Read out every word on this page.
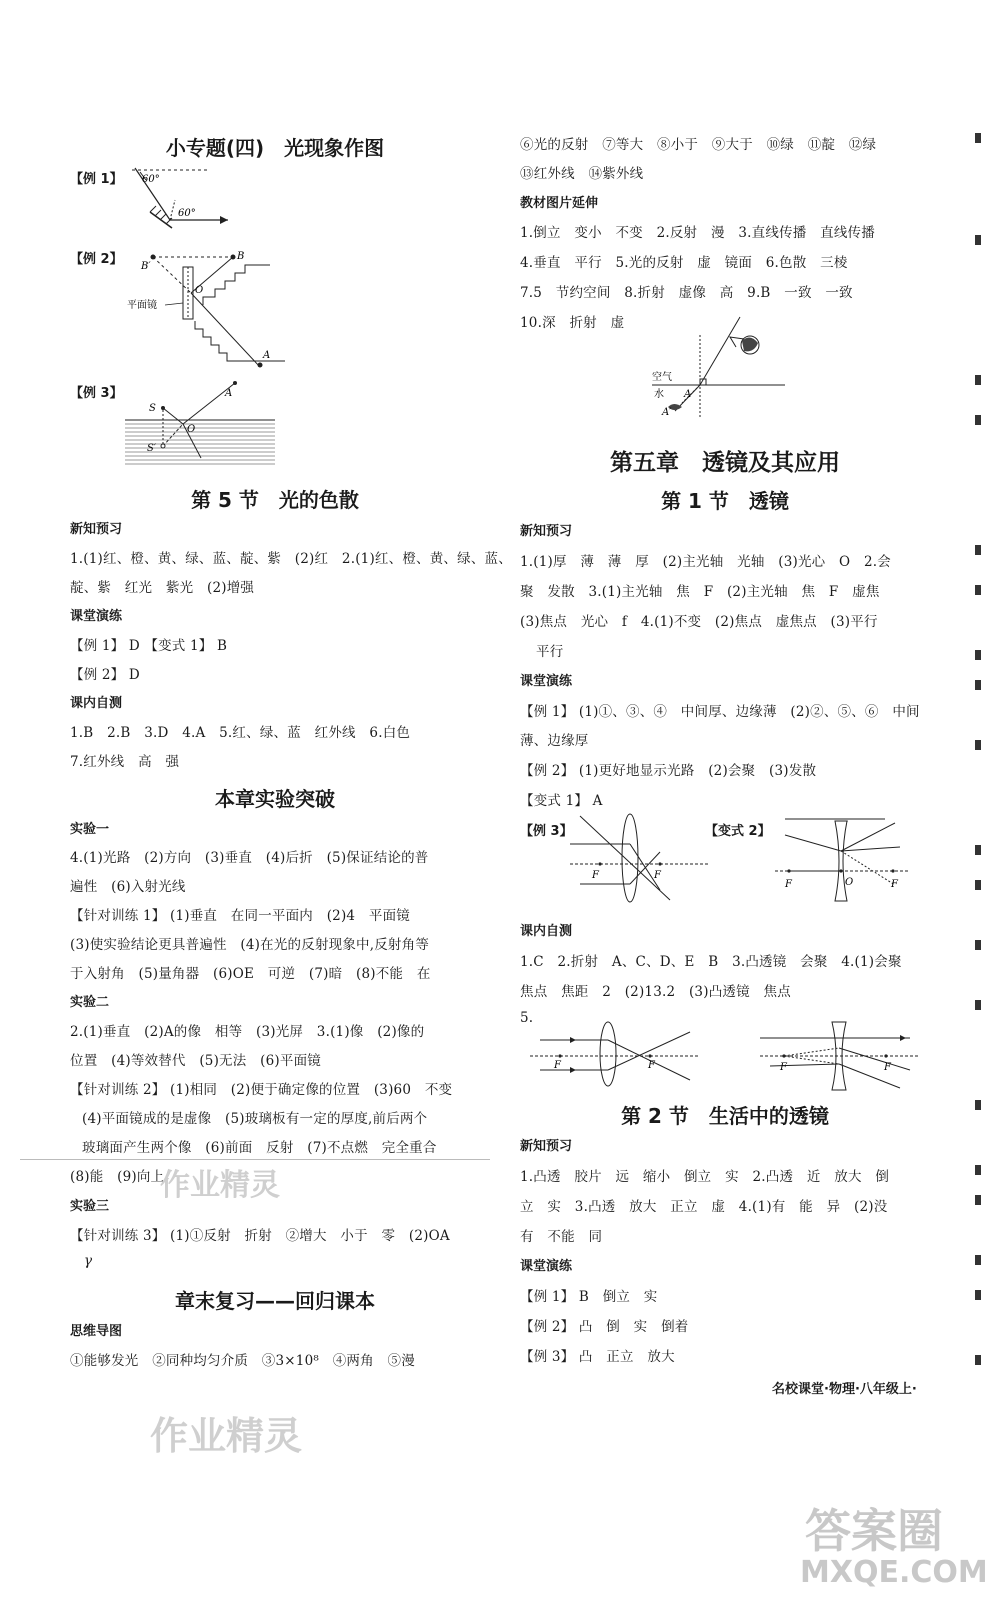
小专题(四)　光现象作图
【例 1】 60°
60°
【例 2】 B′
B
O
A
平面镜
【例 3】
S
S′
A
O
第 5 节　光的色散
新知预习
1.(1)红、橙、黄、绿、蓝、靛、紫　(2)红　2.(1)红、橙、黄、绿、蓝、
靛、紫　红光　紫光　(2)增强
课堂演练
【例 1】 D 【变式 1】 B
【例 2】 D
课内自测
1.B　2.B　3.D　4.A　5.红、绿、蓝　红外线　6.白色
7.红外线　高　强
本章实验突破
实验一
4.(1)光路　(2)方向　(3)垂直　(4)后折　(5)保证结论的普
遍性　(6)入射光线
【针对训练 1】 (1)垂直　在同一平面内　(2)4　平面镜
(3)使实验结论更具普遍性　(4)在光的反射现象中,反射角等
于入射角　(5)量角器　(6)OE　可逆　(7)暗　(8)不能　在
实验二
2.(1)垂直　(2)A的像　相等　(3)光屏　3.(1)像　(2)像的
位置　(4)等效替代　(5)无法　(6)平面镜
【针对训练 2】 (1)相同　(2)便于确定像的位置　(3)60　不变
(4)平面镜成的是虚像　(5)玻璃板有一定的厚度,前后两个
玻璃面产生两个像　(6)前面　反射　(7)不点燃　完全重合
(8)能　(9)向上
实验三
【针对训练 3】 (1)①反射　折射　②增大　小于　零　(2)OA
γ
章末复习——回归课本
思维导图
①能够发光　②同种均匀介质　③3×10⁸　④两角　⑤漫
⑥光的反射　⑦等大　⑧小于　⑨大于　⑩绿　⑪靛　⑫绿
⑬红外线　⑭紫外线
教材图片延伸
1.倒立　变小　不变　2.反射　漫　3.直线传播　直线传播
4.垂直　平行　5.光的反射　虚　镜面　6.色散　三棱
7.5　节约空间　8.折射　虚像　高　9.B　一致　一致
10.深　折射　虚
空气
水 A
A′
第五章　透镜及其应用
第 1 节　透镜
新知预习
1.(1)厚　薄　薄　厚　(2)主光轴　光轴　(3)光心　O　2.会
聚　发散　3.(1)主光轴　焦　F　(2)主光轴　焦　F　虚焦
(3)焦点　光心　f　4.(1)不变　(2)焦点　虚焦点　(3)平行
平行
课堂演练
【例 1】 (1)①、③、④　中间厚、边缘薄　(2)②、⑤、⑥　中间
薄、边缘厚
【例 2】 (1)更好地显示光路　(2)会聚　(3)发散
【变式 1】 A
【例 3】
F	F
【变式 2】
F	O	F
课内自测
1.C　2.折射　A、C、D、E　B　3.凸透镜　会聚　4.(1)会聚
焦点　焦距　2　(2)13.2　(3)凸透镜　焦点
5.
F	F	F	F
第 2 节　生活中的透镜
新知预习
1.凸透　胶片　远　缩小　倒立　实　2.凸透　近　放大　倒
立　实　3.凸透　放大　正立　虚　4.(1)有　能　异　(2)没
有　不能　同
课堂演练
【例 1】 B　倒立　实
【例 2】 凸　倒　实　倒着
【例 3】 凸　正立　放大
名校课堂·物理·八年级上·
作业精灵
作业精灵
答案圈
MXQE.COM
